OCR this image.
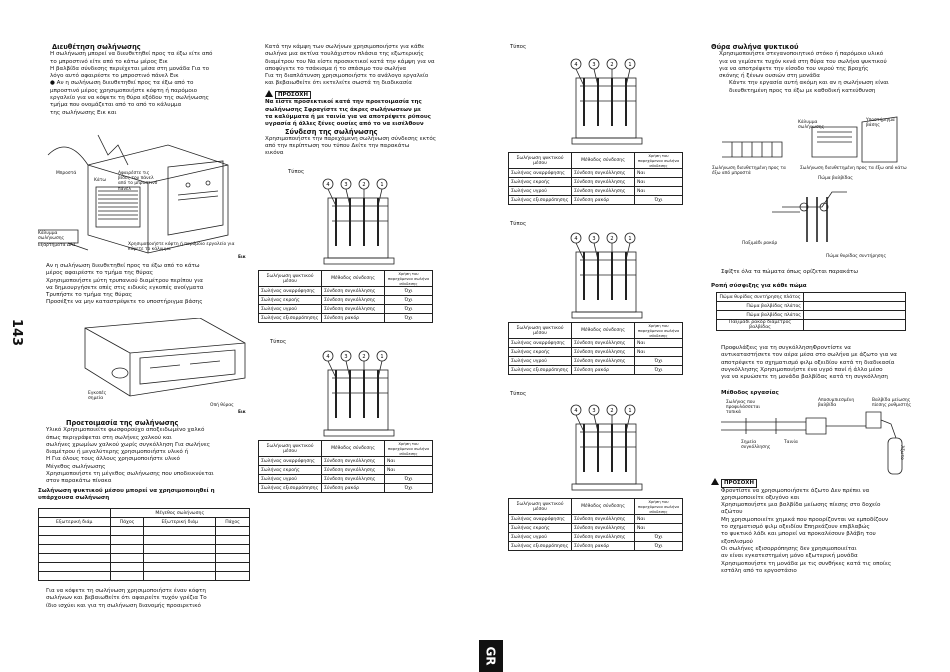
143
Διευθέτηση σωλήνωσης
Η σωλήνωση μπορεί να διευθετηθεί προς τα έξω είτε από
το μπροστινό είτε από το κάτω μέρος Εικ
Η βαλβίδα σύνδεσης περιέχεται μέσα στη μονάδα Για το
λόγο αυτό αφαιρέστε το μπροστινό πάνελ Εικ
● Αν η σωλήνωση διευθετηθεί προς τα έξω από το
μπροστινό μέρος χρησιμοποιήστε κόφτη ή παρόμοιο
εργαλείο για να κόψετε τη θύρα εξόδου της σωλήνωσης
τμήμα που ονομάζεται από το από το κάλυμμα
της σωλήνωσης Εικ και
Μπροστά
Κάτω
Αφαιρέστε τις βίδες του πάνελ από το μπροστινό πάνελ
Κάλυμμα σωλήνωσης
Εξαρτήματα ΔΑΣ	Χρησιμοποιήστε κόφτη ή παρόμοιο εργαλείο για κόψετε το κάλυμμα
Εικ
Αν η σωλήνωση διευθετηθεί προς τα έξω από το κάτω
μέρος αφαιρέστε το τμήμα της θύρας
Χρησιμοποιήστε μύτη τρυπανιού διαμέτρου περίπου για
να δημιουργήσετε οπές στις ειδικές εγκοπές ανοίγματα
Τρυπήστε το τμήμα της θύρας
Προσέξτε να μην καταστρέψετε το υποστήριγμα βάσης
Εγκοπές σημεία
Οπή θύρας
Εικ
Προετοιμασία της σωλήνωσης
Υλικό Χρησιμοποιείτε φωσφορούχο αποξειδωμένο χαλκό
όπως περιγράφεται στη σωλήνες χαλκού και
σωλήνες χρωμίων χαλκού χωρίς συγκόλληση Για σωλήνες
διαμέτρου ή μεγαλύτερης χρησιμοποιήστε υλικό ή
Η Για όλους τους άλλους χρησιμοποιήστε υλικό
Μέγεθος σωλήνωσης
Χρησιμοποιήστε τη μέγεθος σωλήνωσης που υποδεικνύεται
στον παρακάτω πίνακα
Σωλήνωση ψυκτικού μέσου μπορεί να χρησιμοποιηθεί η υπάρχουσα σωλήνωση
	Μέγεθος σωλήνωσης		
Εξωτερική διάμ	Πάχος	Εξωτερική διάμ	Πάχος

Για να κόψετε τη σωλήνωση χρησιμοποιήστε έναν κόφτη
σωλήνων και βεβαιωθείτε ότι αφαιρείτε τυχόν γρέζια Το
ίδιο ισχύει και για τη σωλήνωση διανομής προαιρετικό
Κατά την κάμψη των σωλήνων χρησιμοποιήστε για κάθε
σωλήνα μια ακτίνα τουλάχιστον πλάσια της εξωτερικής
διαμέτρου του Να είστε προσεκτικοί κατά την κάμψη για να
αποφύγετε το τσάκισμα ή το σπάσιμο του σωλήνα
Για τη διαπλάτυνση χρησιμοποιήστε το ανάλογο εργαλείο
και βεβαιωθείτε ότι εκτελείτε σωστά τη διαδικασία
ΠΡΟΣΟΧΗ
Να είστε προσεκτικοί κατά την προετοιμασία της
σωλήνωσης Σφραγίστε τις άκρες σωλήνωσεων με
τα καλύμματα ή με ταινία για να αποτρέψετε ρύπους
υγρασία ή άλλες ξένες ουσίες από το να εισέλθουν
Σύνδεση της σωλήνωσης
Χρησιμοποιήστε την παρεχόμενη σωλήνωση σύνδεσης εκτός
από την περίπτωση του τύπου Δείτε την παρακάτω
εικόνα
Τύπος
4	3	2	1
Σωλήνωση ψυκτικού μέσου	Μέθοδος σύνδεσης	Χρήση του παρεχόμενου σωλήνα σύνδεσης
Σωλήνας αναρρόφησης	Σύνδεση συγκόλλησης	Όχι
Σωλήνας εκροής	Σύνδεση συγκόλλησης	Όχι
Σωλήνας υγρού	Σύνδεση συγκόλλησης	Όχι
Σωλήνας εξισορρόπησης	Σύνδεση ρακόρ	Όχι
Τύπος
4	3	2	1
Σωλήνωση ψυκτικού μέσου	Μέθοδος σύνδεσης	Χρήση του παρεχόμενου σωλήνα σύνδεσης
Σωλήνας αναρρόφησης	Σύνδεση συγκόλλησης	Ναι
Σωλήνας εκροής	Σύνδεση συγκόλλησης	Ναι
Σωλήνας υγρού	Σύνδεση συγκόλλησης	Όχι
Σωλήνας εξισορρόπησης	Σύνδεση ρακόρ	Όχι
Τύπος
4	3	2	1
Σωλήνωση ψυκτικού μέσου	Μέθοδος σύνδεσης	Χρήση του παρεχόμενου σωλήνα σύνδεσης
Σωλήνας αναρρόφησης	Σύνδεση συγκόλλησης	Ναι
Σωλήνας εκροής	Σύνδεση συγκόλλησης	Ναι
Σωλήνας υγρού	Σύνδεση συγκόλλησης	Ναι
Σωλήνας εξισορρόπησης	Σύνδεση ρακόρ	Όχι
Τύπος
4	3	2	1
Σωλήνωση ψυκτικού μέσου	Μέθοδος σύνδεσης	Χρήση του παρεχόμενου σωλήνα σύνδεσης
Σωλήνας αναρρόφησης	Σύνδεση συγκόλλησης	Ναι
Σωλήνας εκροής	Σύνδεση συγκόλλησης	Ναι
Σωλήνας υγρού	Σύνδεση συγκόλλησης	Όχι
Σωλήνας εξισορρόπησης	Σύνδεση ρακόρ	Όχι
Τύπος
4	3	2	1
Σωλήνωση ψυκτικού μέσου	Μέθοδος σύνδεσης	Χρήση του παρεχόμενου σωλήνα σύνδεσης
Σωλήνας αναρρόφησης	Σύνδεση συγκόλλησης	Ναι
Σωλήνας εκροής	Σύνδεση συγκόλλησης	Ναι
Σωλήνας υγρού	Σύνδεση συγκόλλησης	Όχι
Σωλήνας εξισορρόπησης	Σύνδεση ρακόρ	Όχι
Θύρα σωλήνα ψυκτικού
Χρησιμοποιήστε στεγανοποιητικό στόκο ή παρόμοιο υλικό
για να γεμίσετε τυχόν κενά στη θύρα του σωλήνα ψυκτικού
για να αποτρέψετε την είσοδο του νερού της βροχής
σκόνης ή ξένων ουσιών στη μονάδα
Κάντε την εργασία αυτή ακόμη και αν η σωλήνωση είναι
διευθετημένη προς τα έξω με καθοδική κατεύθυνση
Κάλυμμα σωλήνωσης
Υποστήριγμα βάσης
Σωλήνωση διευθετημένη προς τα έξω από μπροστά
Σωλήνωση διευθετημένη προς τα έξω από κάτω
Πώμα βαλβίδας
Παξιμάδι ρακόρ
Πώμα θυρίδας συντήρησης
Σφίξτε όλα τα πώματα όπως ορίζεται παρακάτω
Ροπή σύσφιξης για κάθε πώμα
Πώμα θυρίδας συντήρησης πλάτος	
Πώμα βαλβίδας πλάτος	
Πώμα βαλβίδας πλάτος	
Παξιμάδι ρακόρ διάμετρος βαλβίδας	
Προφυλάξεις για τη συγκόλλησηΦροντίστε να
αντικαταστήσετε τον αέρα μέσα στο σωλήνα με άζωτο για να
αποτρέψετε το σχηματισμό φιλμ οξειδίου κατά τη διαδικασία
συγκόλλησης Χρησιμοποιήστε ένα υγρό πανί ή άλλο μέσο
για να κρυώσετε τη μονάδα βαλβίδας κατά τη συγκόλληση
Μέθοδος εργασίας
Σωλήνας που προφυλάσσεται τοπικά
Αποσυμπιεσμένη βαλβίδα
Βαλβίδα μείωσης πίεσης ρυθμιστής
Σημεία συγκόλλησης
Ταινία
Άζωτο
ΠΡΟΣΟΧΗ
Φροντίστε να χρησιμοποιήσετε άζωτο Δεν πρέπει να
χρησιμοποιείτε οξυγόνο και
Χρησιμοποιήστε μια βαλβίδα μείωσης πίεσης στο δοχείο
αζώτου
Μη χρησιμοποιείτε χημικά που προορίζονται να εμποδίζουν
το σχηματισμό φιλμ οξειδίου Επηρεάζουν επιβλαβώς
το ψυκτικό λάδι και μπορεί να προκαλέσουν βλάβη του
εξοπλισμού
Οι σωλήνες εξισορρόπησης δεν χρησιμοποιείται
αν είναι εγκατεστημένη μόνο εξωτερική μονάδα
Χρησιμοποιήστε τη μονάδα με τις συνθήκες κατά τις οποίες
εστάλη από το εργοστάσιο
GR
